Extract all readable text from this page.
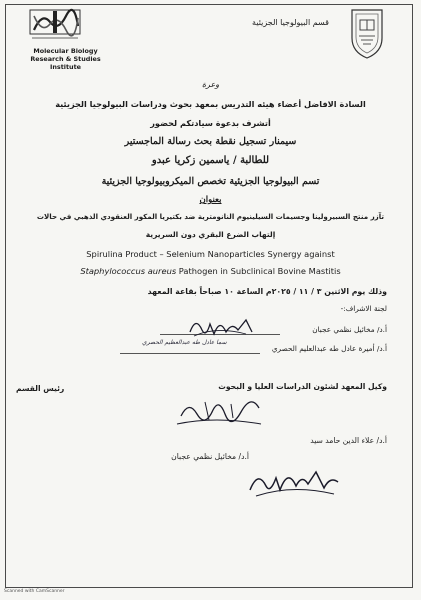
Molecular Biology Research & Studies Institute
قسم البيولوجيا الجزيئية
وعرة
السادة الافاضل أعضاء هيئه التدريس بمعهد بحوث ودراسات البيولوجيا الجزيئية
أتشرف بدعوة سيادتكم لحضور
سيمنار تسجيل نقطة بحث رسالة الماجستير
للطالبة / ياسمين زكريا عبدو
تسم البيولوجيا الجزيئية تخصص الميكروبيولوجيا الجزيئية
بعنوان
تآزر منتج السبيرولينا وجسيمات السيلينيوم النانومترية ضد بكتيريا المكور العنقودي الذهبي في حالات
إلتهاب الضرع البقري دون السريرية
Spirulina Product – Selenium Nanoparticles Synergy against
Staphylococcus aureus Pathogen in Subclinical Bovine Mastitis
وذلك يوم الاثنين ٣ / ١١ / ٢٠٢٥م الساعة ١٠ صباحاً بقاعة المعهد
لجنة الاشراف:-
أ.د/ مخائيل نظمي عجبان
أ.د/ أميرة عادل طه عبدالعليم الحصري
سما عادل طه عبدالعظيم الحصري
وكيل المعهد لشئون الدراسات العليا و البحوث
رئيس القسم
أ.د/ علاء الدين حامد سيد
أ.د/ مخائيل نظمي عجبان
Scanned with CamScanner
